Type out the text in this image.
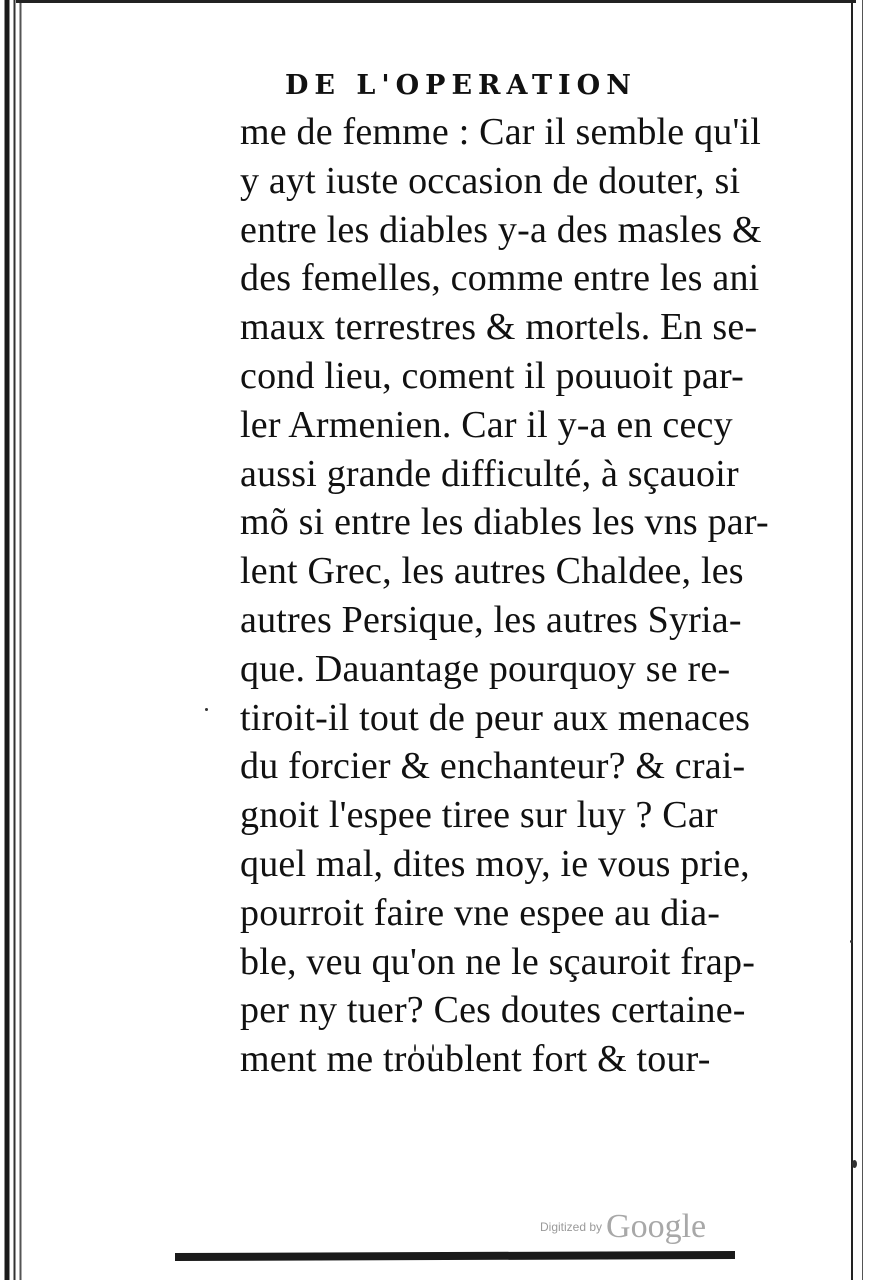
DE L'OPERATION
me de femme : Car il semble qu'il
y ayt iuste occasion de douter, si
entre les diables y-a des masles &
des femelles, comme entre les ani
maux terrestres & mortels. En se-
cond lieu, coment il pouuoit par-
ler Armenien. Car il y-a en cecy
aussi grande difficulté, à sçauoir
mõ si entre les diables les vns par-
lent Grec, les autres Chaldee, les
autres Persique, les autres Syria-
que. Dauantage pourquoy se re-
tiroit-il tout de peur aux menaces
du forcier & enchanteur? & crai-
gnoit l'espee tiree sur luy ? Car
quel mal, dites moy, ie vous prie,
pourroit faire vne espee au dia-
ble, veu qu'on ne le sçauroit frap-
per ny tuer? Ces doutes certaine-
ment me troublent fort & tour-
Digitized by Google
